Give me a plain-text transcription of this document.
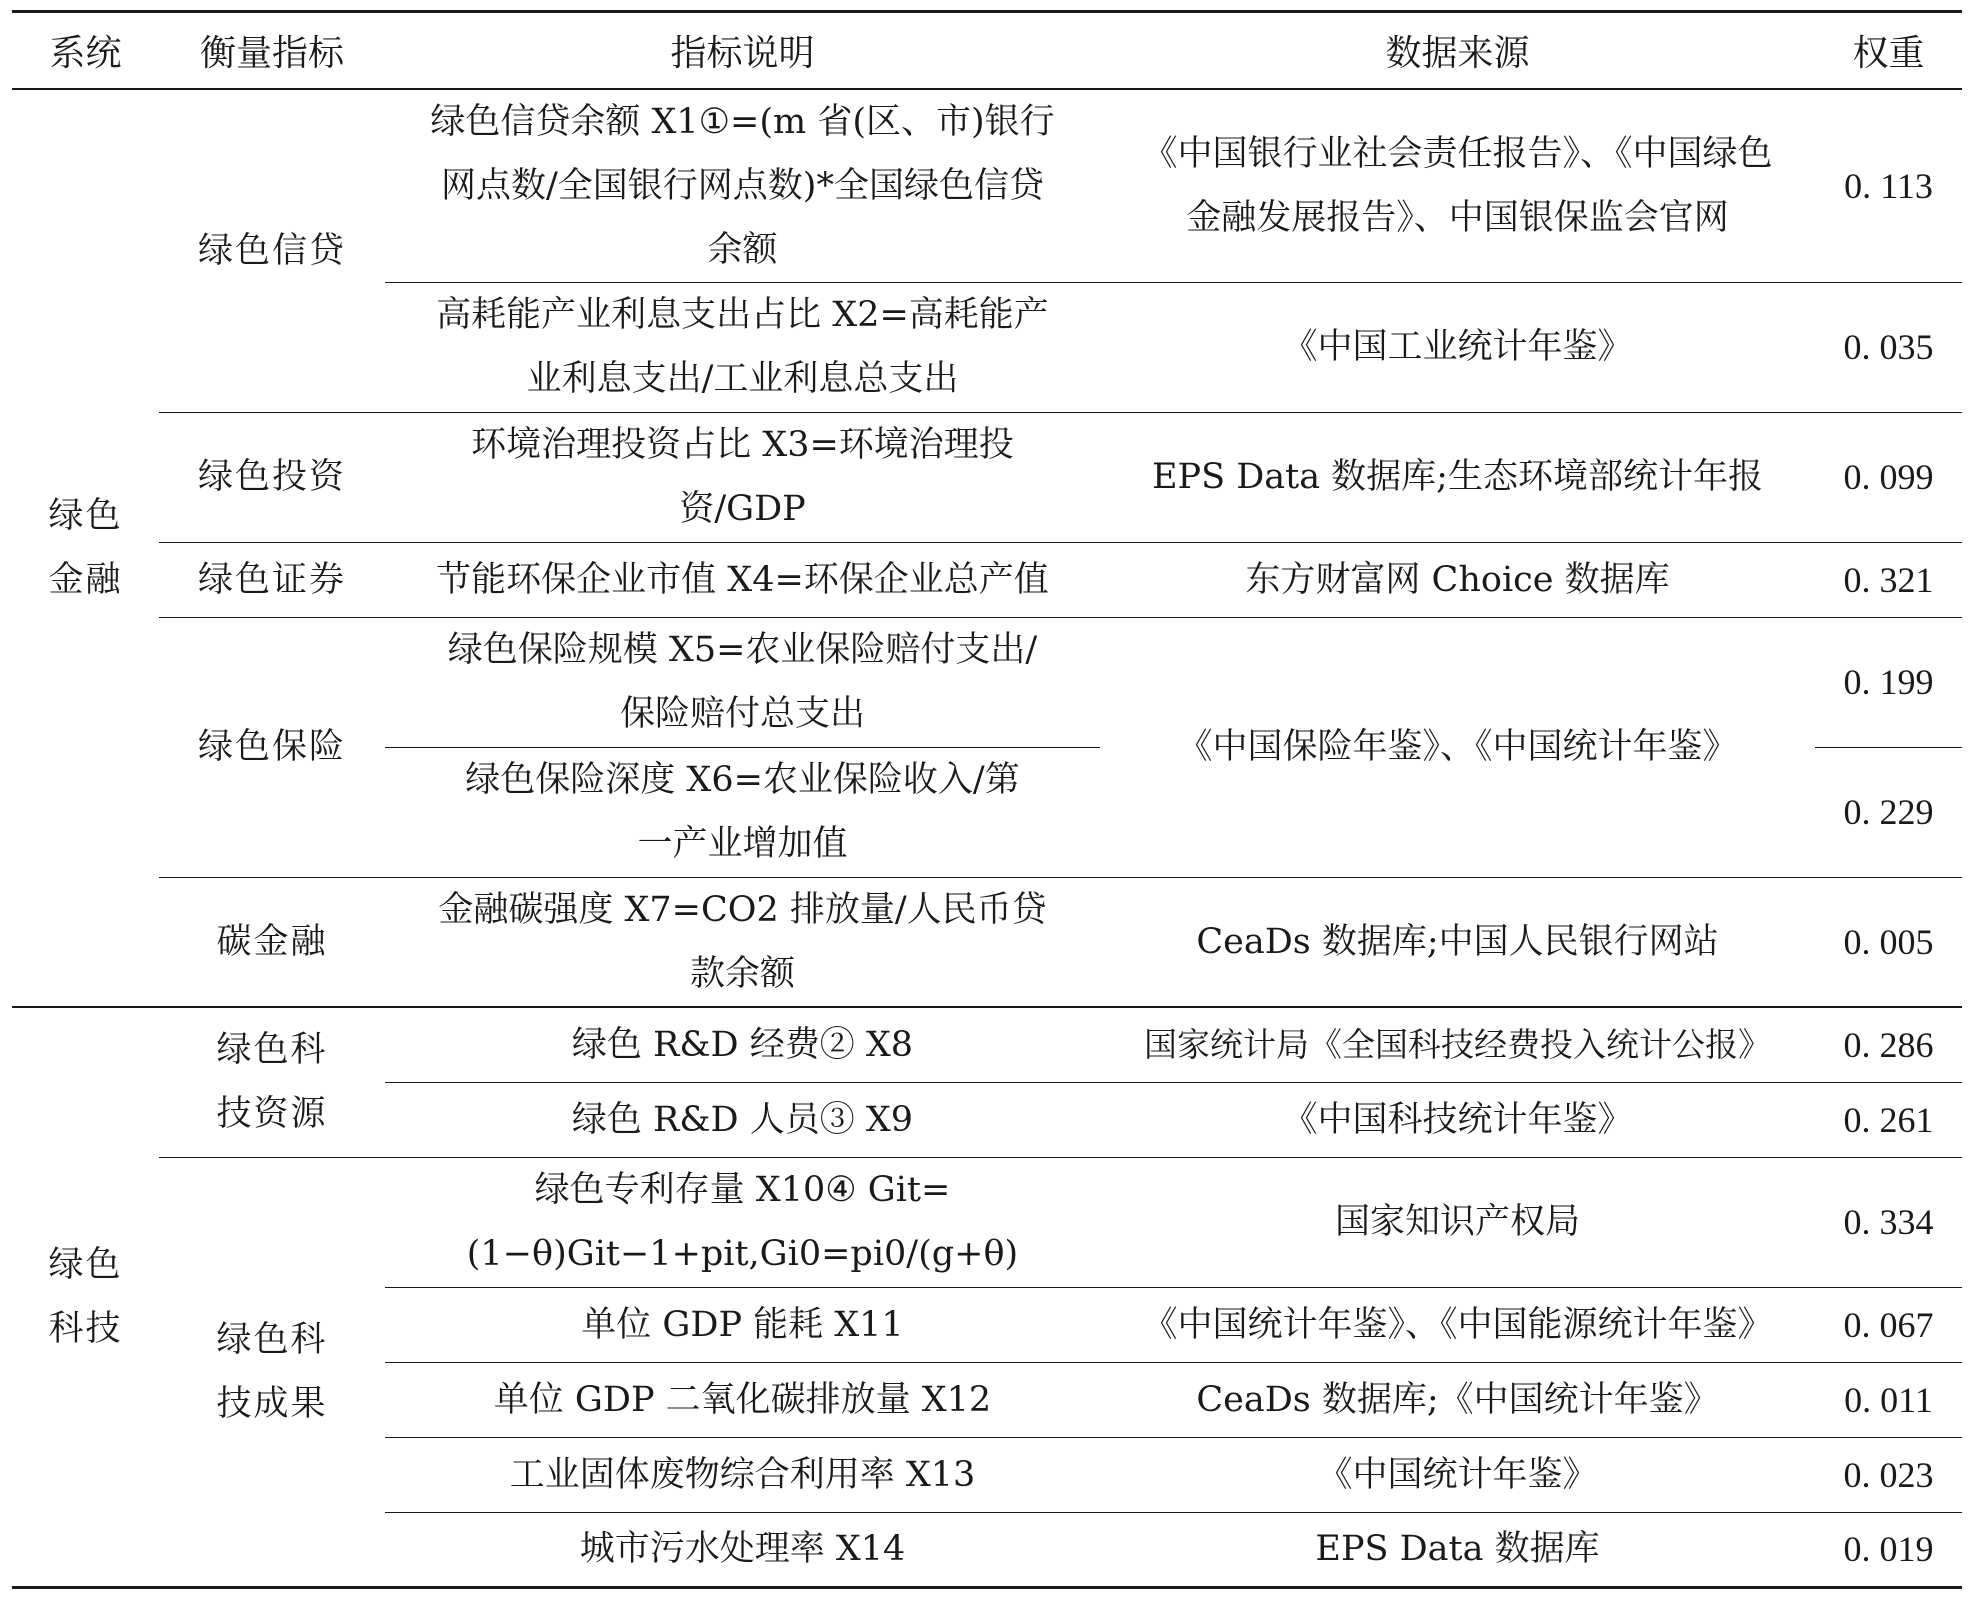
系统	衡量指标	指标说明	数据来源	权重
绿色金融	绿色信贷	绿色信贷余额 X1①=(m 省(区、市)银行网点数/全国银行网点数)*全国绿色信贷余额	《中国银行业社会责任报告》、《中国绿色金融发展报告》、中国银保监会官网	0. 113
		高耗能产业利息支出占比 X2=高耗能产业利息支出/工业利息总支出	《中国工业统计年鉴》	0. 035
	绿色投资	环境治理投资占比 X3=环境治理投资/GDP	EPS Data 数据库;生态环境部统计年报	0. 099
	绿色证券	节能环保企业市值 X4=环保企业总产值	东方财富网 Choice 数据库	0. 321
	绿色保险	绿色保险规模 X5=农业保险赔付支出/保险赔付总支出	《中国保险年鉴》、《中国统计年鉴》	0. 199
		绿色保险深度 X6=农业保险收入/第一产业增加值		0. 229
	碳金融	金融碳强度 X7=CO2 排放量/人民币贷款余额	CeaDs 数据库;中国人民银行网站	0. 005
绿色科技	绿色科技资源	绿色 R&D 经费② X8	国家统计局《全国科技经费投入统计公报》	0. 286
		绿色 R&D 人员③ X9	《中国科技统计年鉴》	0. 261
	绿色科技成果	绿色专利存量 X10④ Git=(1−θ)Git−1+pit,Gi0=pi0/(g+θ)	国家知识产权局	0. 334
		单位 GDP 能耗 X11	《中国统计年鉴》、《中国能源统计年鉴》	0. 067
		单位 GDP 二氧化碳排放量 X12	CeaDs 数据库;《中国统计年鉴》	0. 011
		工业固体废物综合利用率 X13	《中国统计年鉴》	0. 023
		城市污水处理率 X14	EPS Data 数据库	0. 019
